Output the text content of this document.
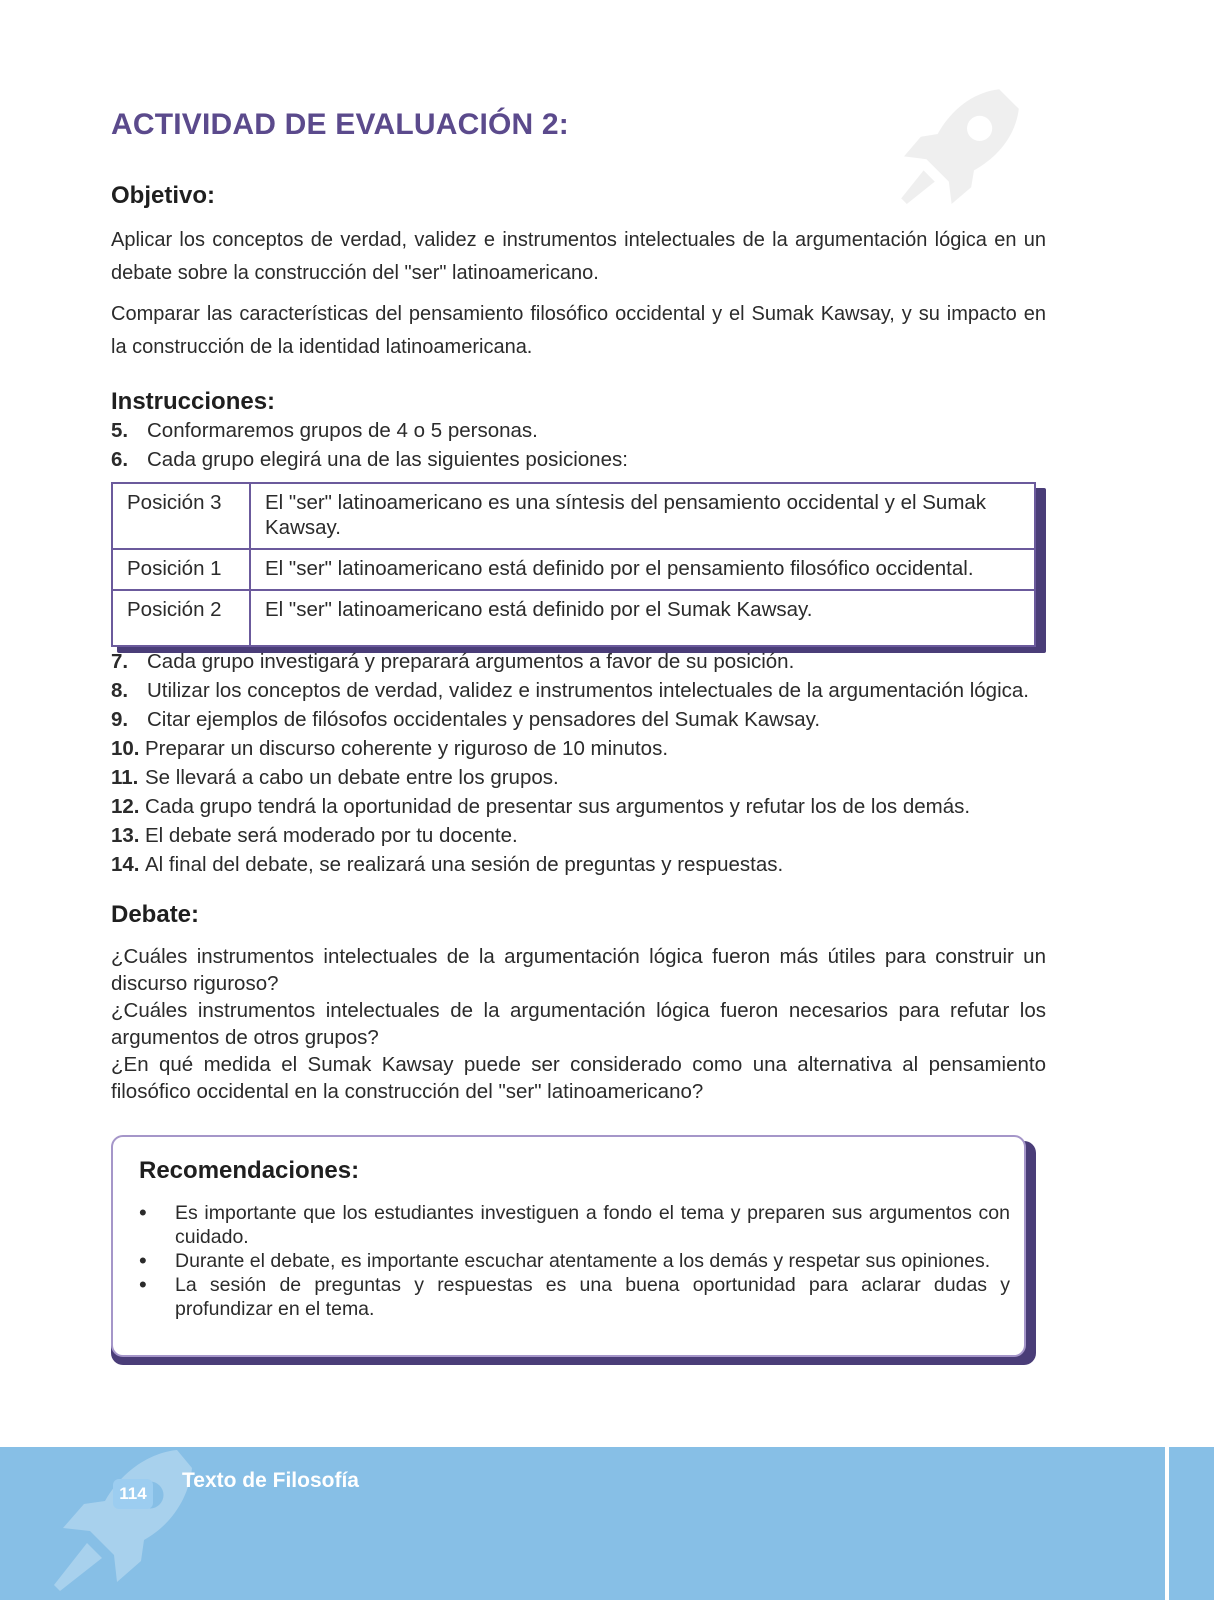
ACTIVIDAD DE EVALUACIÓN 2:
Objetivo:

Aplicar los conceptos de verdad, validez e instrumentos intelectuales de la argumentación lógica en un debate sobre la construcción del "ser" latinoamericano.

Comparar las características del pensamiento filosófico occidental y el Sumak Kawsay, y su impacto en la construcción de la identidad latinoamericana.

Instrucciones:
5. Conformaremos grupos de 4 o 5 personas.
6. Cada grupo elegirá una de las siguientes posiciones:
Posición 3	El "ser" latinoamericano es una síntesis del pensamiento occidental y el Sumak Kawsay.
Posición 1	El "ser" latinoamericano está definido por el pensamiento filosófico occidental.
Posición 2	El "ser" latinoamericano está definido por el Sumak Kawsay.
7. Cada grupo investigará y preparará argumentos a favor de su posición.
8. Utilizar los conceptos de verdad, validez e instrumentos intelectuales de la argumentación lógica.
9. Citar ejemplos de filósofos occidentales y pensadores del Sumak Kawsay.
10. Preparar un discurso coherente y riguroso de 10 minutos.
11. Se llevará a cabo un debate entre los grupos.
12. Cada grupo tendrá la oportunidad de presentar sus argumentos y refutar los de los demás.
13. El debate será moderado por tu docente.
14. Al final del debate, se realizará una sesión de preguntas y respuestas.
Debate:
¿Cuáles instrumentos intelectuales de la argumentación lógica fueron más útiles para construir un discurso riguroso?
¿Cuáles instrumentos intelectuales de la argumentación lógica fueron necesarios para refutar los argumentos de otros grupos?
¿En qué medida el Sumak Kawsay puede ser considerado como una alternativa al pensamiento filosófico occidental en la construcción del "ser" latinoamericano?
Recomendaciones:
• Es importante que los estudiantes investiguen a fondo el tema y preparen sus argumentos con cuidado.
• Durante el debate, es importante escuchar atentamente a los demás y respetar sus opiniones.
• La sesión de preguntas y respuestas es una buena oportunidad para aclarar dudas y profundizar en el tema.
114
Texto de Filosofía
